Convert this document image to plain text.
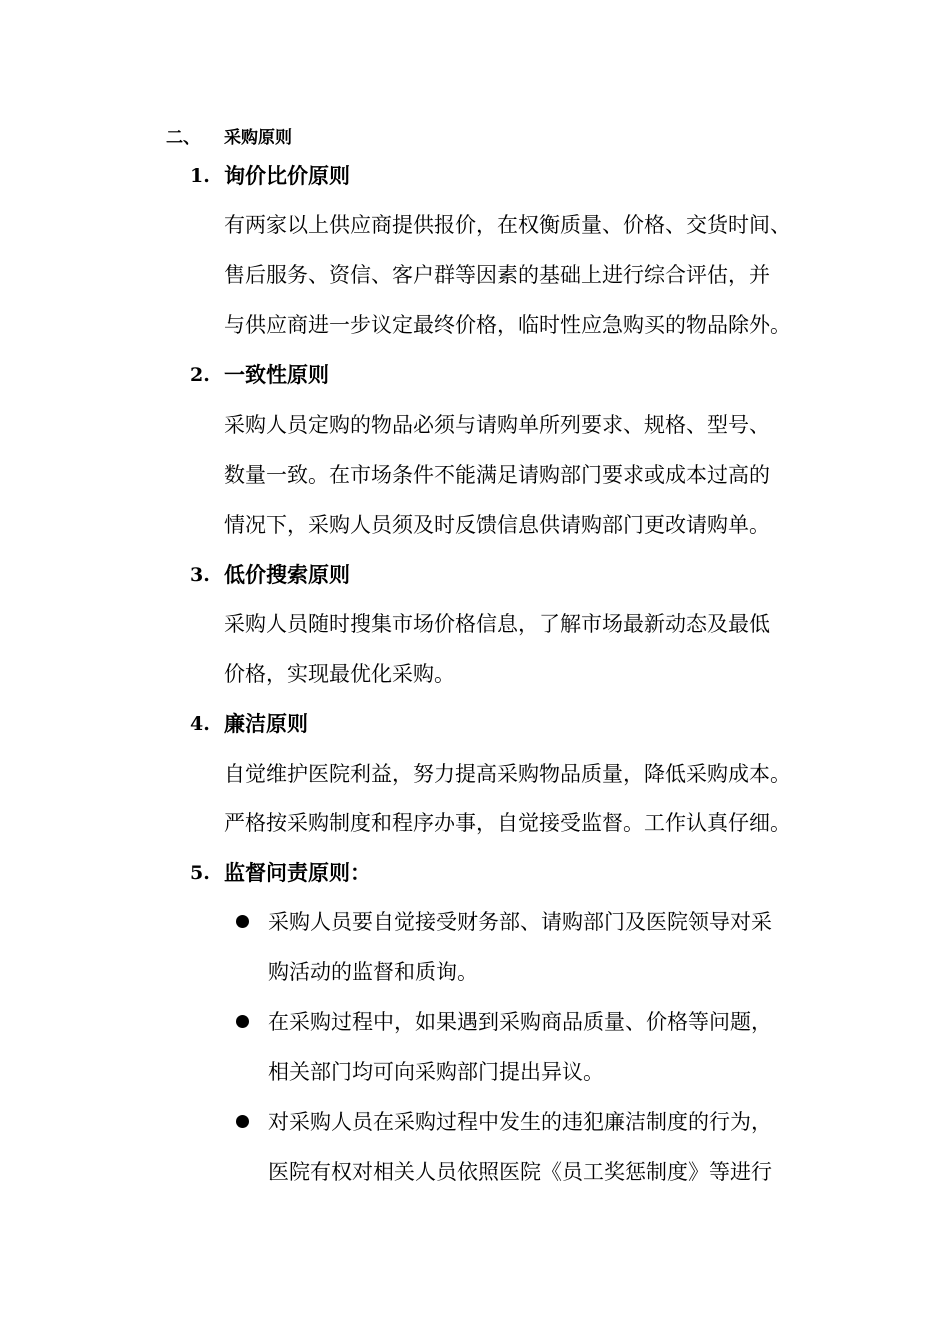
二、 采购原则
1. 询价比价原则
有两家以上供应商提供报价，在权衡质量、价格、交货时间、
售后服务、资信、客户群等因素的基础上进行综合评估，并
与供应商进一步议定最终价格，临时性应急购买的物品除外。
2. 一致性原则
采购人员定购的物品必须与请购单所列要求、规格、型号、
数量一致。在市场条件不能满足请购部门要求或成本过高的
情况下，采购人员须及时反馈信息供请购部门更改请购单。
3. 低价搜索原则
采购人员随时搜集市场价格信息，了解市场最新动态及最低
价格，实现最优化采购。
4. 廉洁原则
自觉维护医院利益，努力提高采购物品质量，降低采购成本。
严格按采购制度和程序办事，自觉接受监督。工作认真仔细。
5. 监督问责原则：
采购人员要自觉接受财务部、请购部门及医院领导对采
购活动的监督和质询。
在采购过程中，如果遇到采购商品质量、价格等问题，
相关部门均可向采购部门提出异议。
对采购人员在采购过程中发生的违犯廉洁制度的行为，
医院有权对相关人员依照医院《员工奖惩制度》等进行
